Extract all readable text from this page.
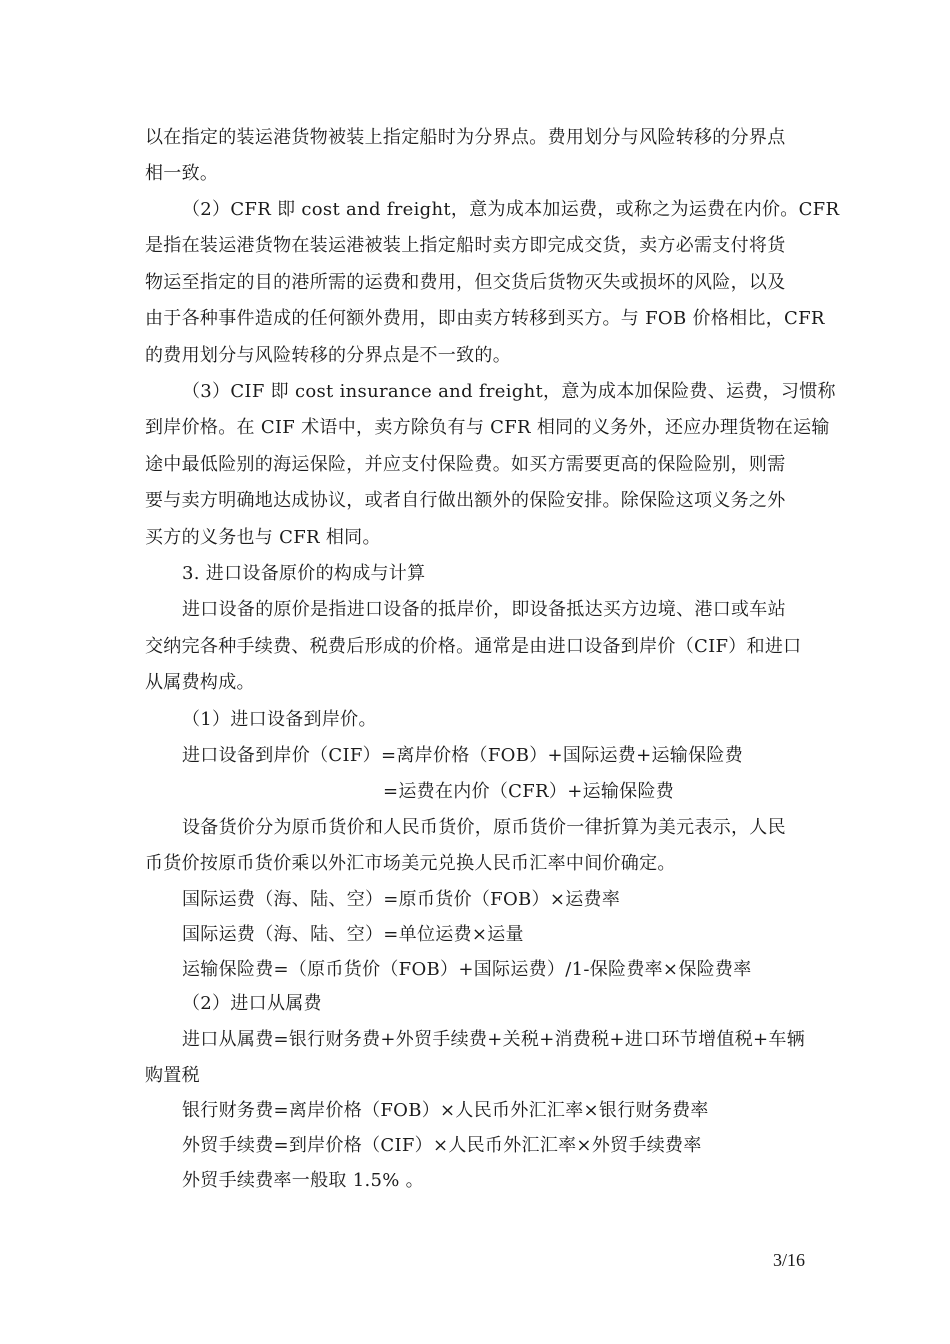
以在指定的装运港货物被装上指定船时为分界点。费用划分与风险转移的分界点
相一致。
（2）CFR 即 cost and freight，意为成本加运费，或称之为运费在内价。CFR
是指在装运港货物在装运港被装上指定船时卖方即完成交货，卖方必需支付将货
物运至指定的目的港所需的运费和费用，但交货后货物灭失或损坏的风险，以及
由于各种事件造成的任何额外费用，即由卖方转移到买方。与 FOB 价格相比，CFR
的费用划分与风险转移的分界点是不一致的。
（3）CIF 即 cost insurance and freight，意为成本加保险费、运费，习惯称
到岸价格。在 CIF 术语中，卖方除负有与 CFR 相同的义务外，还应办理货物在运输
途中最低险别的海运保险，并应支付保险费。如买方需要更高的保险险别，则需
要与卖方明确地达成协议，或者自行做出额外的保险安排。除保险这项义务之外
买方的义务也与 CFR 相同。
3. 进口设备原价的构成与计算
进口设备的原价是指进口设备的抵岸价，即设备抵达买方边境、港口或车站
交纳完各种手续费、税费后形成的价格。通常是由进口设备到岸价（CIF）和进口
从属费构成。
（1）进口设备到岸价。
进口设备到岸价（CIF）=离岸价格（FOB）+国际运费+运输保险费
=运费在内价（CFR）+运输保险费
设备货价分为原币货价和人民币货价，原币货价一律折算为美元表示，人民
币货价按原币货价乘以外汇市场美元兑换人民币汇率中间价确定。
国际运费（海、陆、空）=原币货价（FOB）×运费率
国际运费（海、陆、空）=单位运费×运量
运输保险费=（原币货价（FOB）+国际运费）/1-保险费率×保险费率
（2）进口从属费
进口从属费=银行财务费+外贸手续费+关税+消费税+进口环节增值税+车辆
购置税
银行财务费=离岸价格（FOB）×人民币外汇汇率×银行财务费率
外贸手续费=到岸价格（CIF）×人民币外汇汇率×外贸手续费率
外贸手续费率一般取 1.5% 。
3/16
